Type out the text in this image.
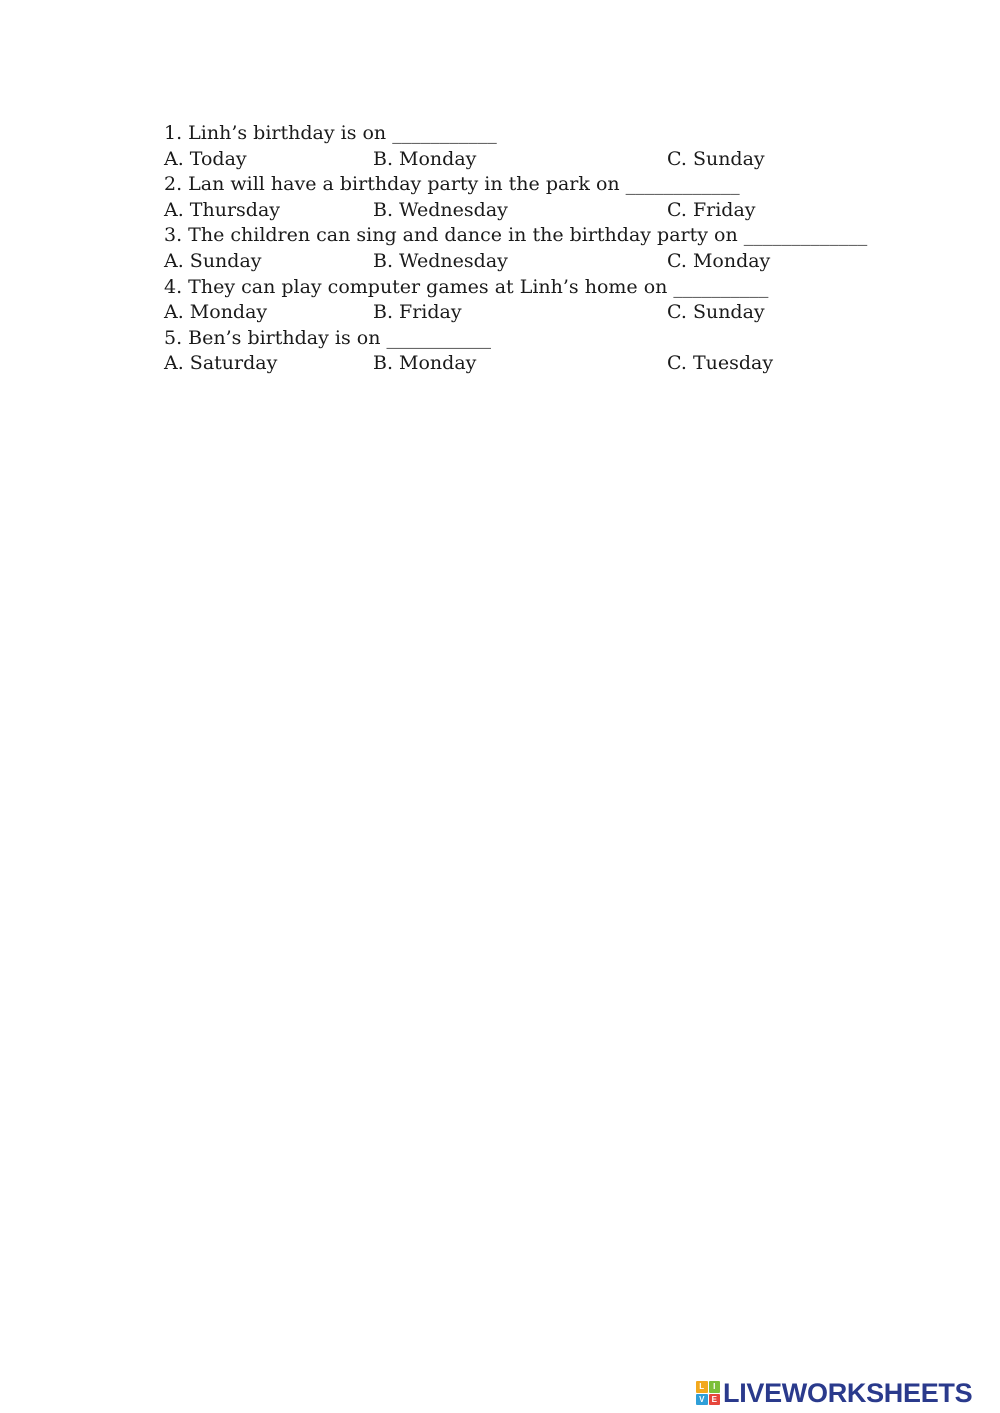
1. Linh’s birthday is on ___________
A. Today	B. Monday	C. Sunday
2. Lan will have a birthday party in the park on ____________
A. Thursday	B. Wednesday	C. Friday
3. The children can sing and dance in the birthday party on _____________
A. Sunday	B. Wednesday	C. Monday
4. They can play computer games at Linh’s home on __________
A. Monday	B. Friday	C. Sunday
5. Ben’s birthday is on ___________
A. Saturday	B. Monday	C. Tuesday
L	I
V E LIVEWORKSHEETS
